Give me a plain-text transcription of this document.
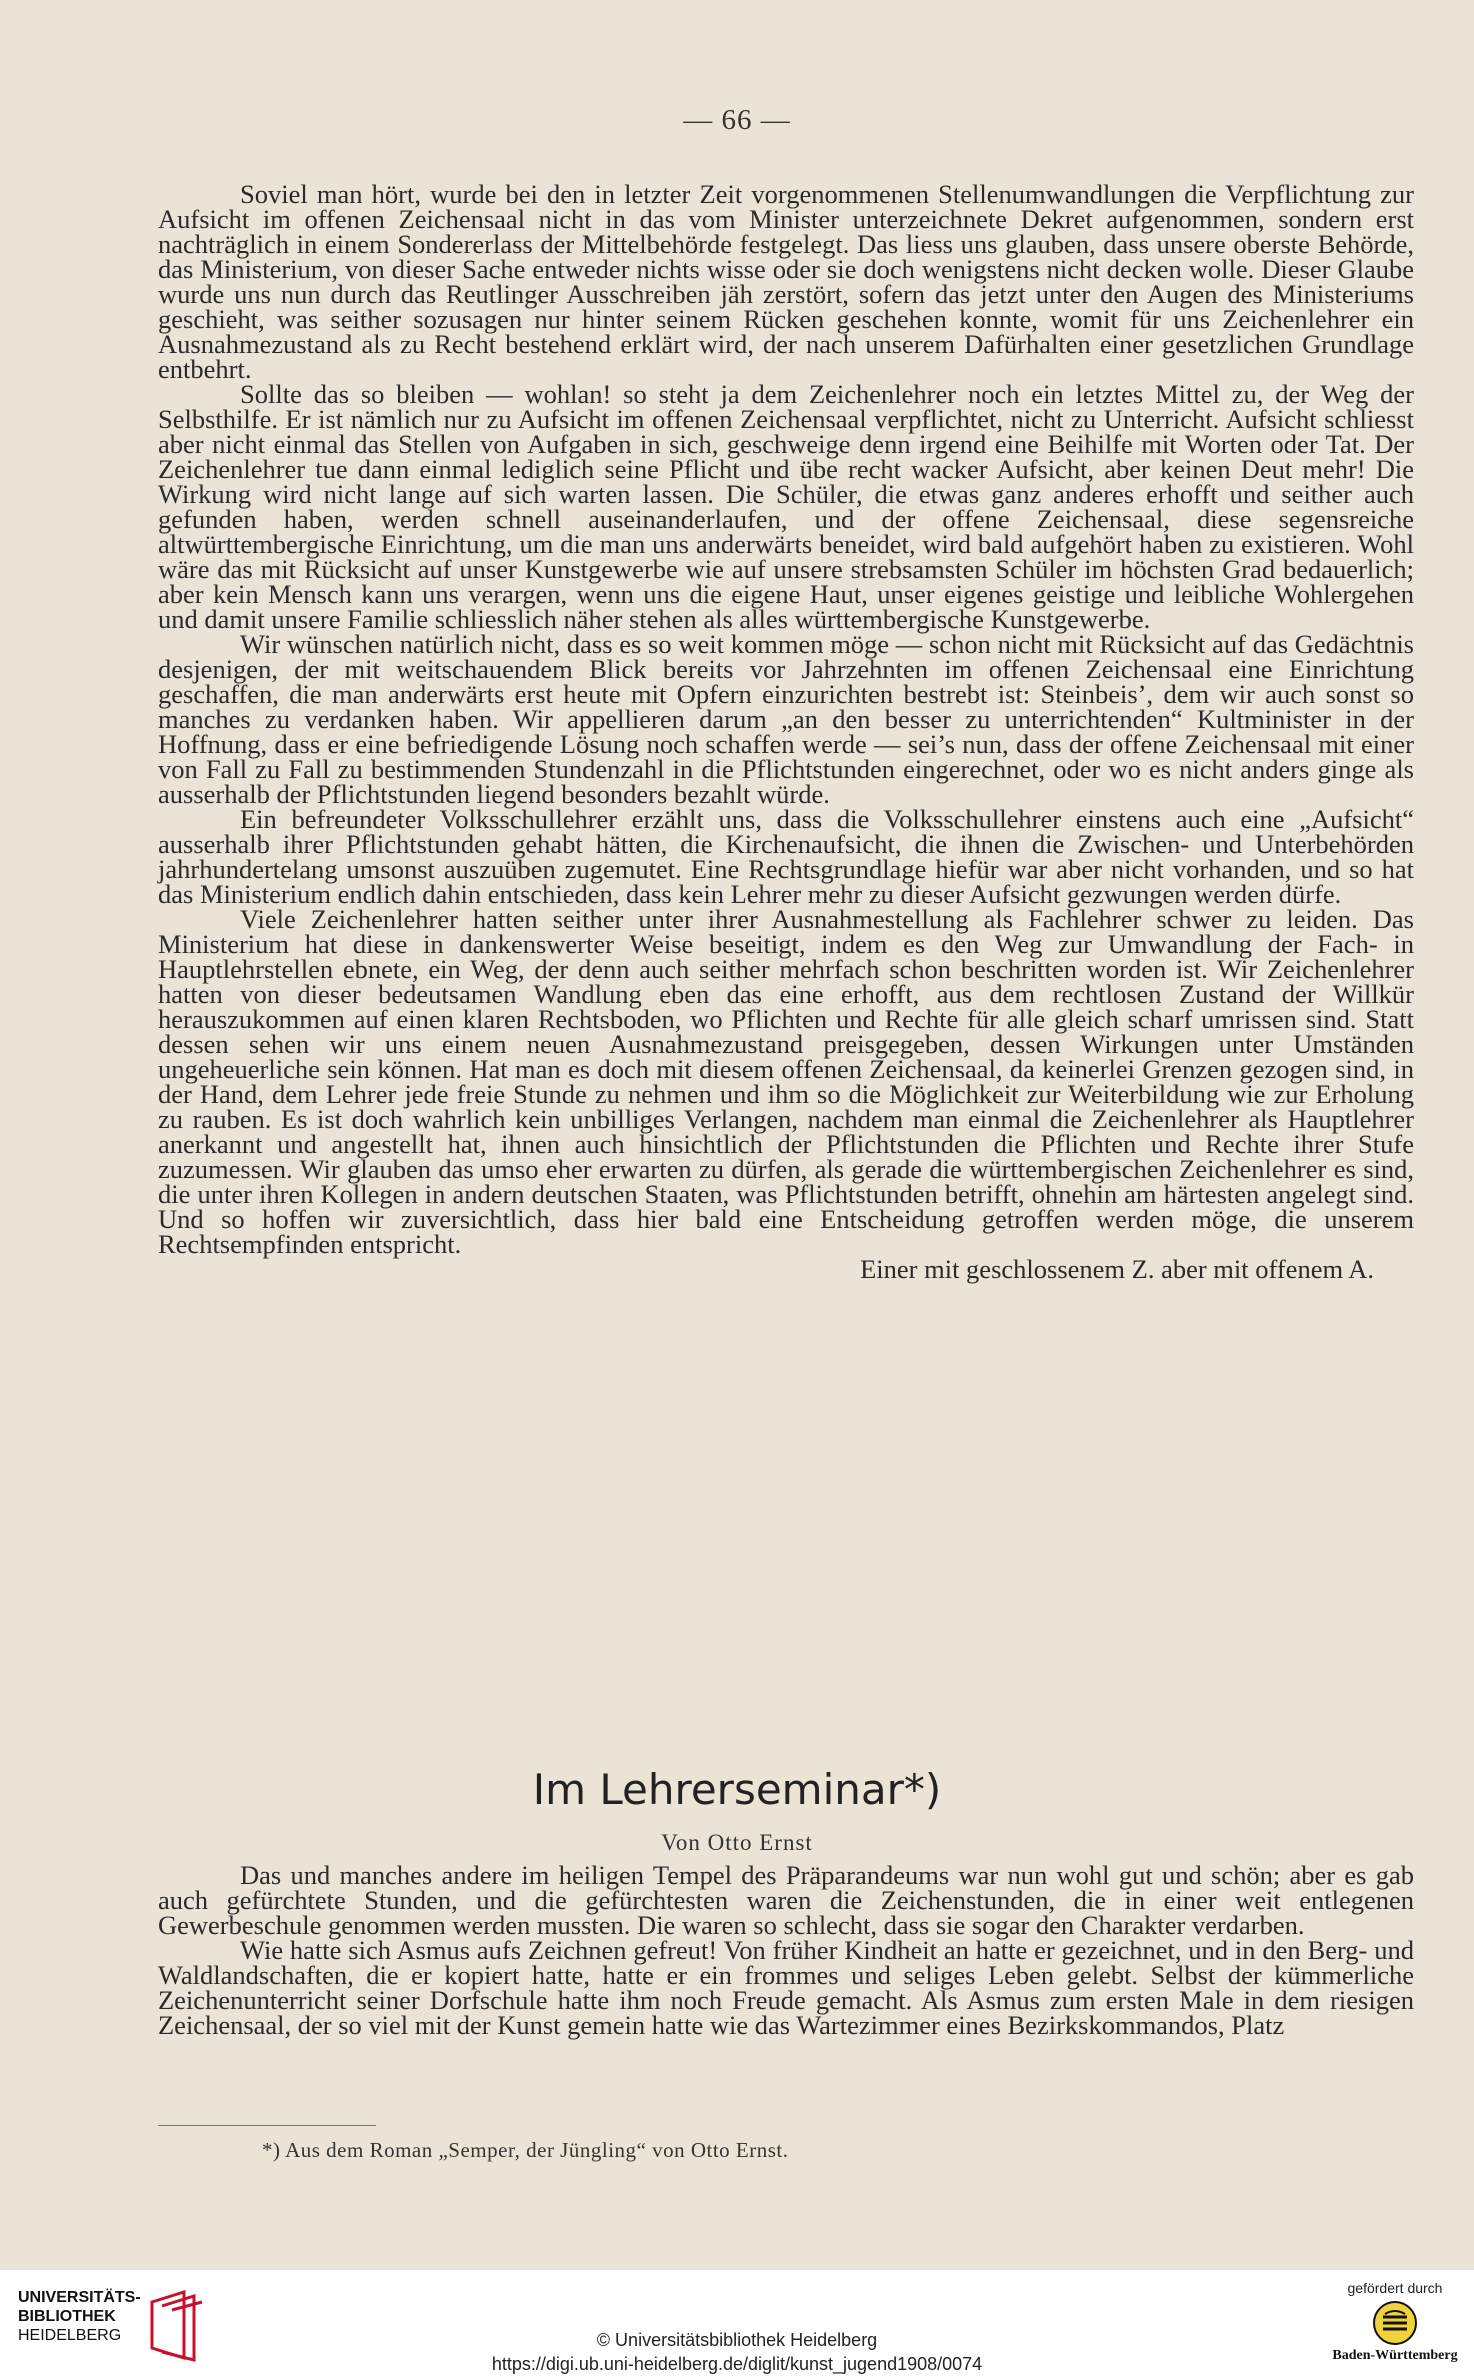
— 66 —

Soviel man hört, wurde bei den in letzter Zeit vorgenommenen Stellenumwandlungen die Verpflichtung zur Aufsicht im offenen Zeichensaal nicht in das vom Minister unterzeichnete Dekret aufgenommen, sondern erst nachträglich in einem Sondererlass der Mittelbehörde festgelegt. Das liess uns glauben, dass unsere oberste Behörde, das Ministerium, von dieser Sache entweder nichts wisse oder sie doch wenigstens nicht decken wolle. Dieser Glaube wurde uns nun durch das Reutlinger Ausschreiben jäh zerstört, sofern das jetzt unter den Augen des Ministeriums geschieht, was seither sozusagen nur hinter seinem Rücken geschehen konnte, womit für uns Zeichenlehrer ein Ausnahmezustand als zu Recht bestehend erklärt wird, der nach unserem Dafürhalten einer gesetzlichen Grundlage entbehrt.

Sollte das so bleiben — wohlan! so steht ja dem Zeichenlehrer noch ein letztes Mittel zu, der Weg der Selbsthilfe. Er ist nämlich nur zu Aufsicht im offenen Zeichensaal verpflichtet, nicht zu Unterricht. Aufsicht schliesst aber nicht einmal das Stellen von Aufgaben in sich, geschweige denn irgend eine Beihilfe mit Worten oder Tat. Der Zeichenlehrer tue dann einmal lediglich seine Pflicht und übe recht wacker Aufsicht, aber keinen Deut mehr! Die Wirkung wird nicht lange auf sich warten lassen. Die Schüler, die etwas ganz anderes erhofft und seither auch gefunden haben, werden schnell auseinanderlaufen, und der offene Zeichensaal, diese segensreiche altwürttembergische Einrichtung, um die man uns anderwärts beneidet, wird bald aufgehört haben zu existieren. Wohl wäre das mit Rücksicht auf unser Kunstgewerbe wie auf unsere strebsamsten Schüler im höchsten Grad bedauerlich; aber kein Mensch kann uns verargen, wenn uns die eigene Haut, unser eigenes geistige und leibliche Wohlergehen und damit unsere Familie schliesslich näher stehen als alles württembergische Kunstgewerbe.

Wir wünschen natürlich nicht, dass es so weit kommen möge — schon nicht mit Rücksicht auf das Gedächtnis desjenigen, der mit weitschauendem Blick bereits vor Jahrzehnten im offenen Zeichensaal eine Einrichtung geschaffen, die man anderwärts erst heute mit Opfern einzurichten bestrebt ist: Steinbeis’, dem wir auch sonst so manches zu verdanken haben. Wir appellieren darum „an den besser zu unterrichtenden“ Kultminister in der Hoffnung, dass er eine befriedigende Lösung noch schaffen werde — sei’s nun, dass der offene Zeichensaal mit einer von Fall zu Fall zu bestimmenden Stundenzahl in die Pflichtstunden eingerechnet, oder wo es nicht anders ginge als ausserhalb der Pflichtstunden liegend besonders bezahlt würde.

Ein befreundeter Volksschullehrer erzählt uns, dass die Volksschullehrer einstens auch eine „Aufsicht“ ausserhalb ihrer Pflichtstunden gehabt hätten, die Kirchenaufsicht, die ihnen die Zwischen- und Unterbehörden jahrhundertelang umsonst auszuüben zugemutet. Eine Rechtsgrundlage hiefür war aber nicht vorhanden, und so hat das Ministerium endlich dahin entschieden, dass kein Lehrer mehr zu dieser Aufsicht gezwungen werden dürfe.

Viele Zeichenlehrer hatten seither unter ihrer Ausnahmestellung als Fachlehrer schwer zu leiden. Das Ministerium hat diese in dankenswerter Weise beseitigt, indem es den Weg zur Umwandlung der Fach- in Hauptlehrstellen ebnete, ein Weg, der denn auch seither mehrfach schon beschritten worden ist. Wir Zeichenlehrer hatten von dieser bedeutsamen Wandlung eben das eine erhofft, aus dem rechtlosen Zustand der Willkür herauszukommen auf einen klaren Rechtsboden, wo Pflichten und Rechte für alle gleich scharf umrissen sind. Statt dessen sehen wir uns einem neuen Ausnahmezustand preisgegeben, dessen Wirkungen unter Umständen ungeheuerliche sein können. Hat man es doch mit diesem offenen Zeichensaal, da keinerlei Grenzen gezogen sind, in der Hand, dem Lehrer jede freie Stunde zu nehmen und ihm so die Möglichkeit zur Weiterbildung wie zur Erholung zu rauben. Es ist doch wahrlich kein unbilliges Verlangen, nachdem man einmal die Zeichenlehrer als Hauptlehrer anerkannt und angestellt hat, ihnen auch hinsichtlich der Pflichtstunden die Pflichten und Rechte ihrer Stufe zuzumessen. Wir glauben das umso eher erwarten zu dürfen, als gerade die württembergischen Zeichenlehrer es sind, die unter ihren Kollegen in andern deutschen Staaten, was Pflichtstunden betrifft, ohnehin am härtesten angelegt sind. Und so hoffen wir zuversichtlich, dass hier bald eine Entscheidung getroffen werden möge, die unserem Rechtsempfinden entspricht.

Einer mit geschlossenem Z. aber mit offenem A.
Im Lehrerseminar*)
Von Otto Ernst

Das und manches andere im heiligen Tempel des Präparandeums war nun wohl gut und schön; aber es gab auch gefürchtete Stunden, und die gefürchtesten waren die Zeichenstunden, die in einer weit entlegenen Gewerbeschule genommen werden mussten. Die waren so schlecht, dass sie sogar den Charakter verdarben.

Wie hatte sich Asmus aufs Zeichnen gefreut! Von früher Kindheit an hatte er gezeichnet, und in den Berg- und Waldlandschaften, die er kopiert hatte, hatte er ein frommes und seliges Leben gelebt. Selbst der kümmerliche Zeichenunterricht seiner Dorfschule hatte ihm noch Freude gemacht. Als Asmus zum ersten Male in dem riesigen Zeichensaal, der so viel mit der Kunst gemein hatte wie das Wartezimmer eines Bezirkskommandos, Platz

*) Aus dem Roman „Semper, der Jüngling“ von Otto Ernst.
UNIVERSITÄTS-
BIBLIOTHEK
HEIDELBERG	© Universitätsbibliothek Heidelberg
https://digi.ub.uni-heidelberg.de/diglit/kunst_jugend1908/0074
gefördert durch
Baden-Württemberg
